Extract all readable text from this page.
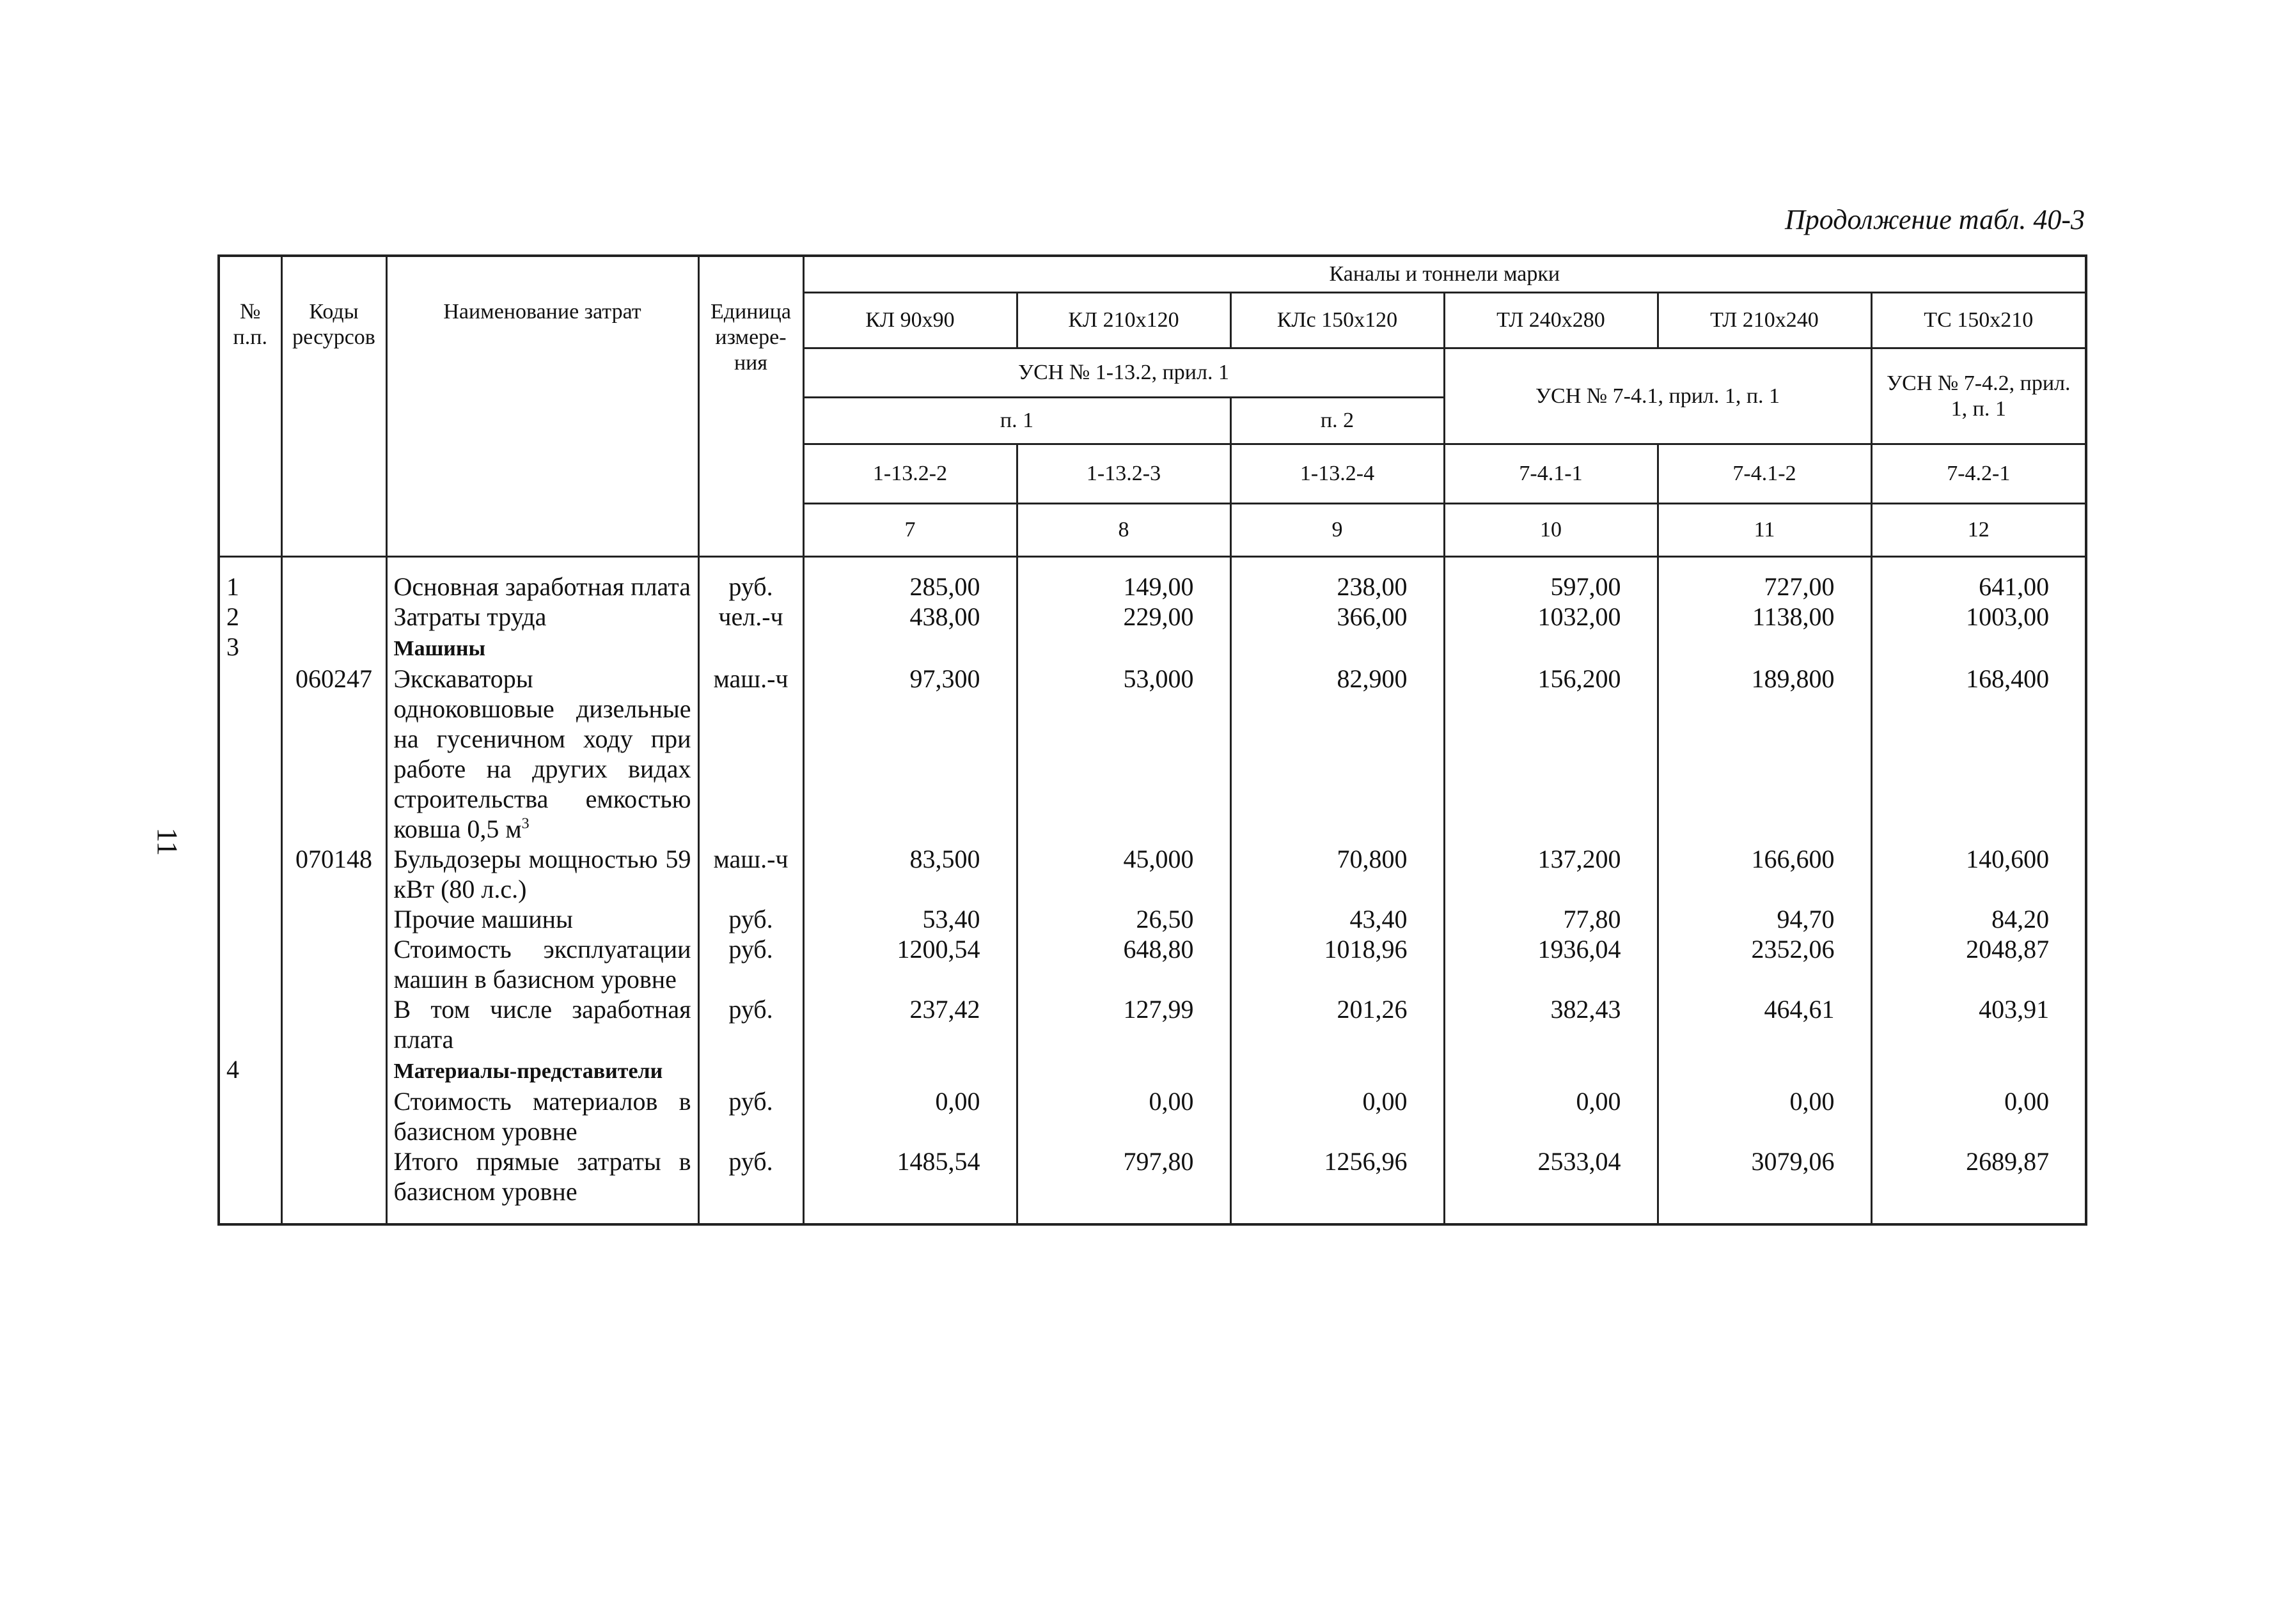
Продолжение табл. 40-3
11
№ п.п.	Коды ресурсов	Наименование затрат	Единица измере-ния	Каналы и тоннели марки					
				КЛ 90x90	КЛ 210x120	КЛс 150x120	ТЛ 240x280	ТЛ 210x240	ТС 150x210
				УСН № 1-13.2, прил. 1			УСН № 7-4.1, прил. 1, п. 1		УСН № 7-4.2, прил. 1, п. 1
				п. 1		п. 2			
				1-13.2-2	1-13.2-3	1-13.2-4	7-4.1-1	7-4.1-2	7-4.2-1
				7	8	9	10	11	12
1		Основная заработная плата	руб.	285,00	149,00	238,00	597,00	727,00	641,00
2		Затраты труда	чел.-ч	438,00	229,00	366,00	1032,00	1138,00	1003,00
3		Машины							
	060247	Экскаваторы одноковшовые дизельные на гусеничном ходу при работе на других видах строительства емкостью ковша 0,5 $м^3$	маш.-ч	97,300	53,000	82,900	156,200	189,800	168,400
	070148	Бульдозеры мощностью 59 кВт (80 л.с.)	маш.-ч	83,500	45,000	70,800	137,200	166,600	140,600
		Прочие машины	руб.	53,40	26,50	43,40	77,80	94,70	84,20
		Стоимость эксплуатации машин в базисном уровне	руб.	1200,54	648,80	1018,96	1936,04	2352,06	2048,87
		В том числе заработная плата	руб.	237,42	127,99	201,26	382,43	464,61	403,91
4		Материалы-представители							
		Стоимость материалов в базисном уровне	руб.	0,00	0,00	0,00	0,00	0,00	0,00
		Итого прямые затраты в базисном уровне	руб.	1485,54	797,80	1256,96	2533,04	3079,06	2689,87
